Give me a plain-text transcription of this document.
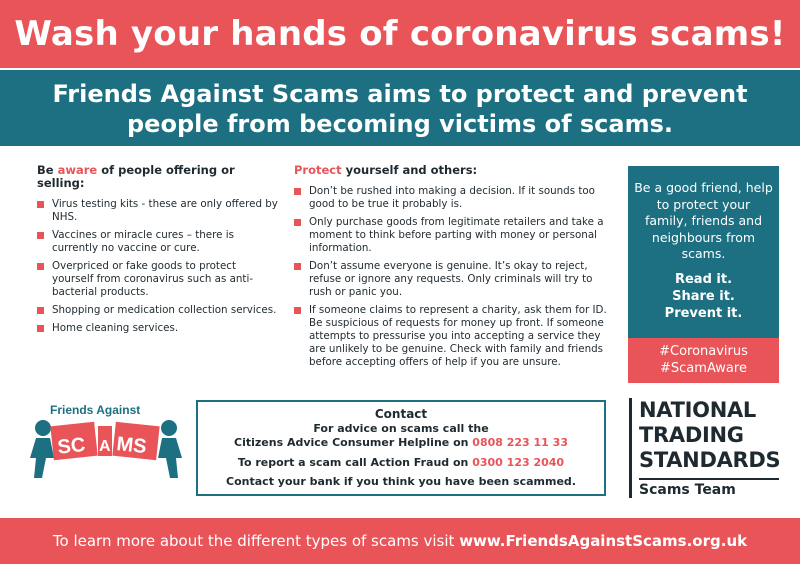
Wash your hands of coronavirus scams!

Friends Against Scams aims to protect and prevent
people from becoming victims of scams.

Be aware of people offering or selling:
Virus testing kits - these are only offered by NHS.
Vaccines or miracle cures – there is currently no vaccine or cure.
Overpriced or fake goods to protect yourself from coronavirus such as anti-bacterial products.
Shopping or medication collection services.
Home cleaning services.
Protect yourself and others:
Don’t be rushed into making a decision. If it sounds too good to be true it probably is.
Only purchase goods from legitimate retailers and take a moment to think before parting with money or personal information.
Don’t assume everyone is genuine. It’s okay to reject, refuse or ignore any requests. Only criminals will try to rush or panic you.
If someone claims to represent a charity, ask them for ID. Be suspicious of requests for money up front. If someone attempts to pressurise you into accepting a service they are unlikely to be genuine. Check with family and friends before accepting offers of help if you are unsure.
Be a good friend, help to protect your family, friends and neighbours from scams.
Read it.
Share it.
Prevent it.
#Coronavirus
#ScamAware
Friends Against
SC A MS
Contact
For advice on scams call the
Citizens Advice Consumer Helpline on 0808 223 11 33
To report a scam call Action Fraud on 0300 123 2040
Contact your bank if you think you have been scammed.
NATIONAL
TRADING
STANDARDS
Scams Team
To learn more about the different types of scams visit www.FriendsAgainstScams.org.uk
